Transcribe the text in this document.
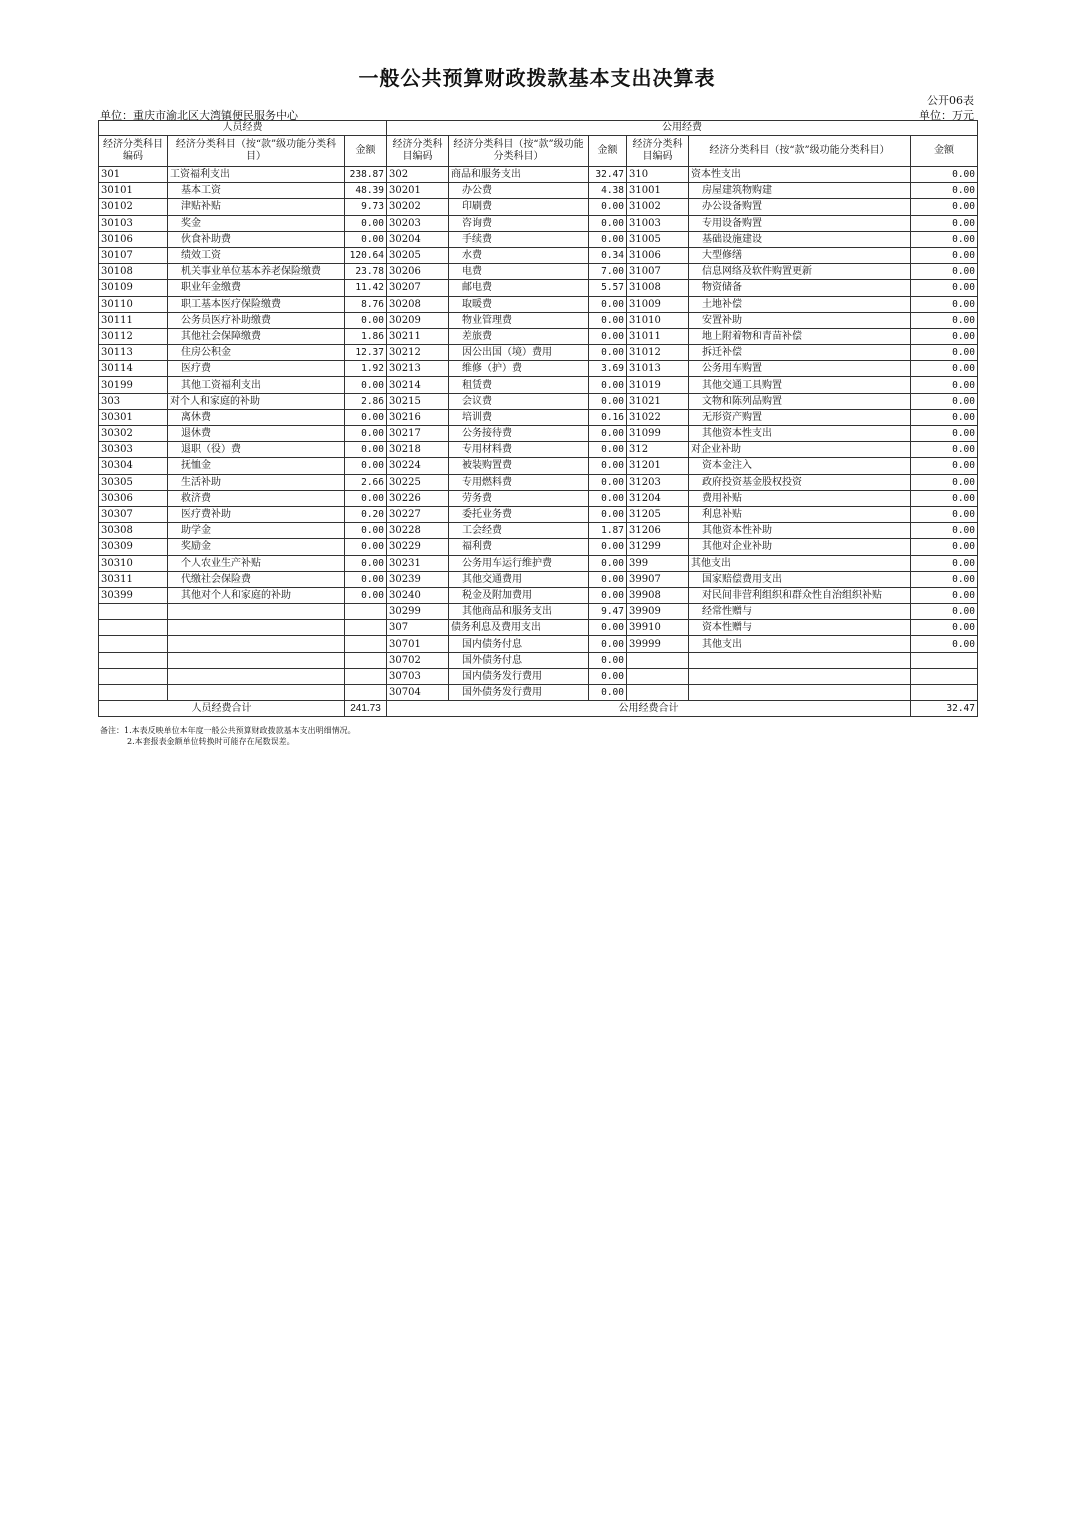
一般公共预算财政拨款基本支出决算表
公开06表
单位：重庆市渝北区大湾镇便民服务中心	单位：万元
人员经费			公用经费					
经济分类科目编码	经济分类科目（按“款”级功能分类科目）	金额	经济分类科目编码	经济分类科目（按“款”级功能分类科目）	金额	经济分类科目编码	经济分类科目（按“款”级功能分类科目）	金额
301	工资福利支出	238.87	302	商品和服务支出	32.47	310	资本性支出	0.00
30101	基本工资	48.39	30201	办公费	4.38	31001	房屋建筑物购建	0.00
30102	津贴补贴	9.73	30202	印刷费	0.00	31002	办公设备购置	0.00
30103	奖金	0.00	30203	咨询费	0.00	31003	专用设备购置	0.00
30106	伙食补助费	0.00	30204	手续费	0.00	31005	基础设施建设	0.00
30107	绩效工资	120.64	30205	水费	0.34	31006	大型修缮	0.00
30108	机关事业单位基本养老保险缴费	23.78	30206	电费	7.00	31007	信息网络及软件购置更新	0.00
30109	职业年金缴费	11.42	30207	邮电费	5.57	31008	物资储备	0.00
30110	职工基本医疗保险缴费	8.76	30208	取暖费	0.00	31009	土地补偿	0.00
30111	公务员医疗补助缴费	0.00	30209	物业管理费	0.00	31010	安置补助	0.00
30112	其他社会保障缴费	1.86	30211	差旅费	0.00	31011	地上附着物和青苗补偿	0.00
30113	住房公积金	12.37	30212	因公出国（境）费用	0.00	31012	拆迁补偿	0.00
30114	医疗费	1.92	30213	维修（护）费	3.69	31013	公务用车购置	0.00
30199	其他工资福利支出	0.00	30214	租赁费	0.00	31019	其他交通工具购置	0.00
303	对个人和家庭的补助	2.86	30215	会议费	0.00	31021	文物和陈列品购置	0.00
30301	离休费	0.00	30216	培训费	0.16	31022	无形资产购置	0.00
30302	退休费	0.00	30217	公务接待费	0.00	31099	其他资本性支出	0.00
30303	退职（役）费	0.00	30218	专用材料费	0.00	312	对企业补助	0.00
30304	抚恤金	0.00	30224	被装购置费	0.00	31201	资本金注入	0.00
30305	生活补助	2.66	30225	专用燃料费	0.00	31203	政府投资基金股权投资	0.00
30306	救济费	0.00	30226	劳务费	0.00	31204	费用补贴	0.00
30307	医疗费补助	0.20	30227	委托业务费	0.00	31205	利息补贴	0.00
30308	助学金	0.00	30228	工会经费	1.87	31206	其他资本性补助	0.00
30309	奖励金	0.00	30229	福利费	0.00	31299	其他对企业补助	0.00
30310	个人农业生产补贴	0.00	30231	公务用车运行维护费	0.00	399	其他支出	0.00
30311	代缴社会保险费	0.00	30239	其他交通费用	0.00	39907	国家赔偿费用支出	0.00
30399	其他对个人和家庭的补助	0.00	30240	税金及附加费用	0.00	39908	对民间非营利组织和群众性自治组织补贴	0.00
			30299	其他商品和服务支出	9.47	39909	经常性赠与	0.00
			307	债务利息及费用支出	0.00	39910	资本性赠与	0.00
			30701	国内债务付息	0.00	39999	其他支出	0.00
			30702	国外债务付息	0.00			
			30703	国内债务发行费用	0.00			
			30704	国外债务发行费用	0.00			
人员经费合计		241.73	公用经费合计					32.47
备注：1.本表反映单位本年度一般公共预算财政拨款基本支出明细情况。
2.本套报表金额单位转换时可能存在尾数误差。
